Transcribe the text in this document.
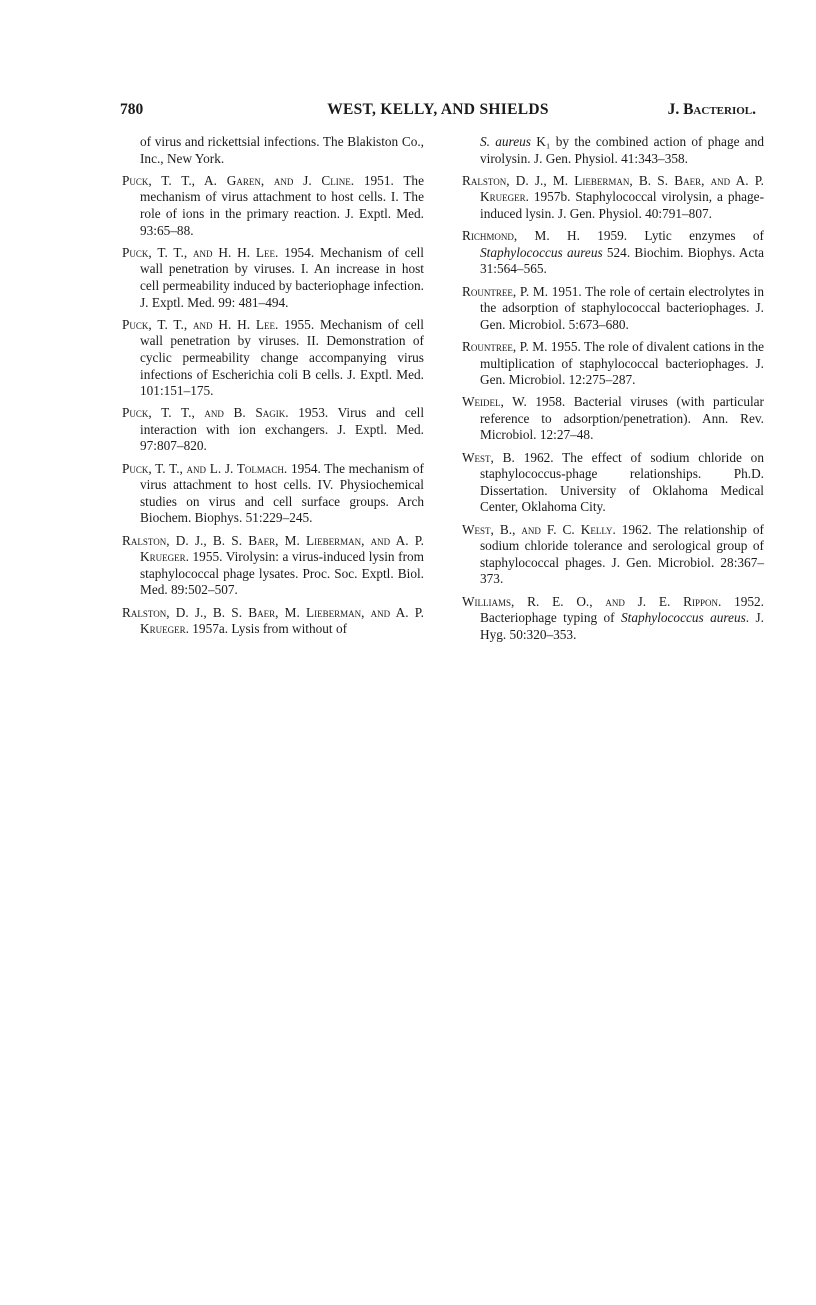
780	WEST, KELLY, AND SHIELDS	J. Bacteriol.

of virus and rickettsial infections. The Blakiston Co., Inc., New York.

Puck, T. T., A. Garen, and J. Cline. 1951. The mechanism of virus attachment to host cells. I. The role of ions in the primary reaction. J. Exptl. Med. 93:65–88.

Puck, T. T., and H. H. Lee. 1954. Mechanism of cell wall penetration by viruses. I. An increase in host cell permeability induced by bacteriophage infection. J. Exptl. Med. 99: 481–494.

Puck, T. T., and H. H. Lee. 1955. Mechanism of cell wall penetration by viruses. II. Demonstration of cyclic permeability change accompanying virus infections of Escherichia coli B cells. J. Exptl. Med. 101:151–175.

Puck, T. T., and B. Sagik. 1953. Virus and cell interaction with ion exchangers. J. Exptl. Med. 97:807–820.

Puck, T. T., and L. J. Tolmach. 1954. The mechanism of virus attachment to host cells. IV. Physiochemical studies on virus and cell surface groups. Arch Biochem. Biophys. 51:229–245.

Ralston, D. J., B. S. Baer, M. Lieberman, and A. P. Krueger. 1955. Virolysin: a virus-induced lysin from staphylococcal phage lysates. Proc. Soc. Exptl. Biol. Med. 89:502–507.

Ralston, D. J., B. S. Baer, M. Lieberman, and A. P. Krueger. 1957a. Lysis from without of

S. aureus K₁ by the combined action of phage and virolysin. J. Gen. Physiol. 41:343–358.

Ralston, D. J., M. Lieberman, B. S. Baer, and A. P. Krueger. 1957b. Staphylococcal virolysin, a phage-induced lysin. J. Gen. Physiol. 40:791–807.

Richmond, M. H. 1959. Lytic enzymes of Staphylococcus aureus 524. Biochim. Biophys. Acta 31:564–565.

Rountree, P. M. 1951. The role of certain electrolytes in the adsorption of staphylococcal bacteriophages. J. Gen. Microbiol. 5:673–680.

Rountree, P. M. 1955. The role of divalent cations in the multiplication of staphylococcal bacteriophages. J. Gen. Microbiol. 12:275–287.

Weidel, W. 1958. Bacterial viruses (with particular reference to adsorption/penetration). Ann. Rev. Microbiol. 12:27–48.

West, B. 1962. The effect of sodium chloride on staphylococcus-phage relationships. Ph.D. Dissertation. University of Oklahoma Medical Center, Oklahoma City.

West, B., and F. C. Kelly. 1962. The relationship of sodium chloride tolerance and serological group of staphylococcal phages. J. Gen. Microbiol. 28:367–373.

Williams, R. E. O., and J. E. Rippon. 1952. Bacteriophage typing of Staphylococcus aureus. J. Hyg. 50:320–353.
